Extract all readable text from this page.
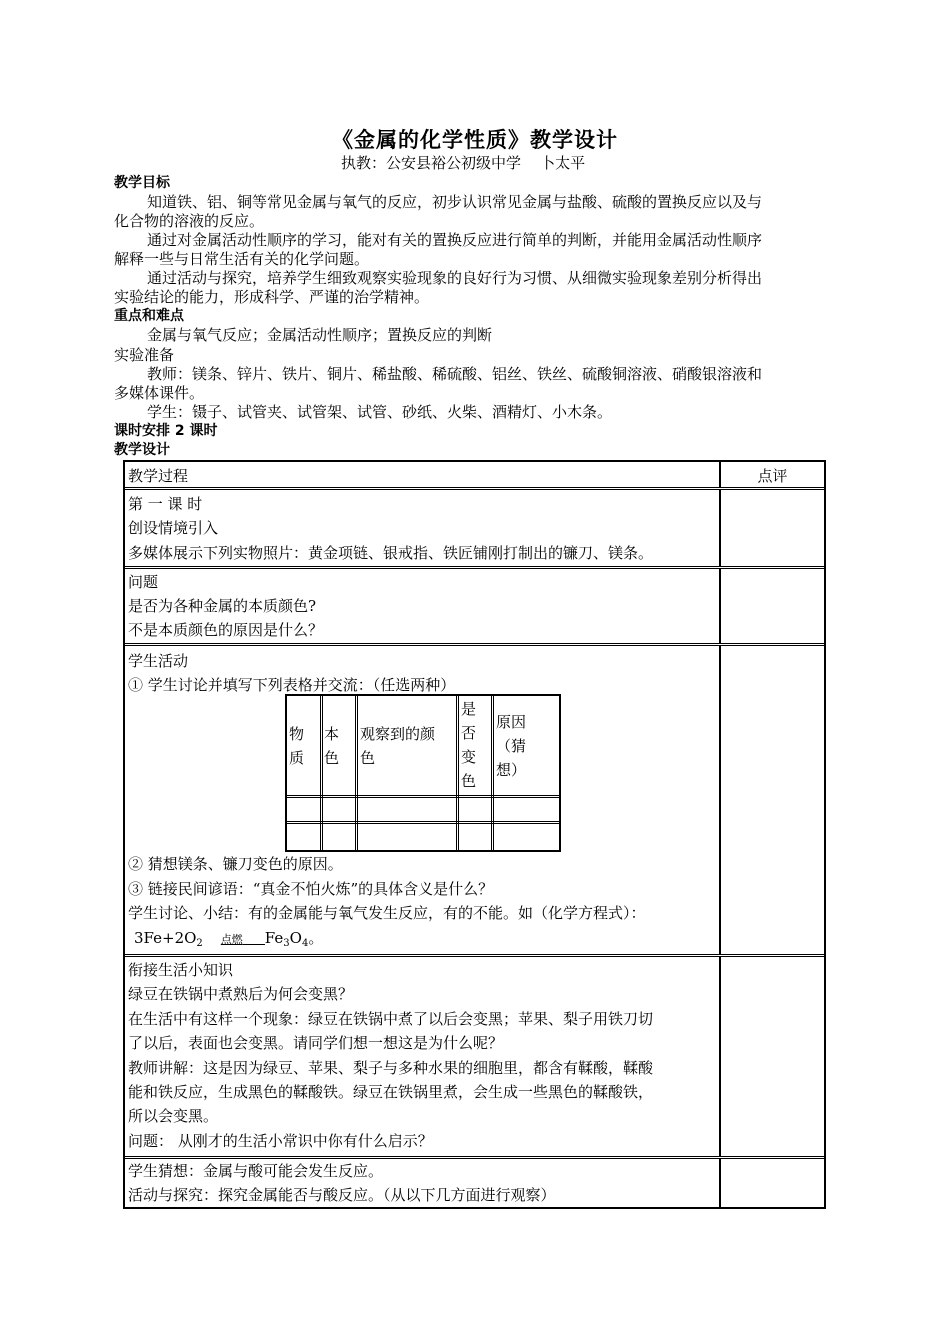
《金属的化学性质》教学设计
执教：公安县裕公初级中学    卜太平
教学目标
知道铁、铝、铜等常见金属与氧气的反应，初步认识常见金属与盐酸、硫酸的置换反应以及与
化合物的溶液的反应。
通过对金属活动性顺序的学习，能对有关的置换反应进行简单的判断，并能用金属活动性顺序
解释一些与日常生活有关的化学问题。
通过活动与探究，培养学生细致观察实验现象的良好行为习惯、从细微实验现象差别分析得出
实验结论的能力，形成科学、严谨的治学精神。
重点和难点
金属与氧气反应；金属活动性顺序；置换反应的判断
实验准备
教师：镁条、锌片、铁片、铜片、稀盐酸、稀硫酸、铝丝、铁丝、硫酸铜溶液、硝酸银溶液和
多媒体课件。
学生：镊子、试管夹、试管架、试管、砂纸、火柴、酒精灯、小木条。
课时安排 2 课时
教学设计
教学过程	点评
第 一 课 时
创设情境引入
多媒体展示下列实物照片：黄金项链、银戒指、铁匠铺刚打制出的镰刀、镁条。
问题
是否为各种金属的本质颜色?
不是本质颜色的原因是什么？
学生活动
① 学生讨论并填写下列表格并交流：（任选两种）
物
质
本
色
观察到的颜
色
是
否
变
色
原因
（猜
想）
② 猜想镁条、镰刀变色的原因。
③ 链接民间谚语：“真金不怕火炼”的具体含义是什么？
学生讨论、小结：有的金属能与氧气发生反应，有的不能。如（化学方程式）：
$3Fe+2O_2$ 点燃 $Fe_3O_4$。
衔接生活小知识
绿豆在铁锅中煮熟后为何会变黑？
在生活中有这样一个现象：绿豆在铁锅中煮了以后会变黑；苹果、梨子用铁刀切
了以后，表面也会变黑。请同学们想一想这是为什么呢？
教师讲解：这是因为绿豆、苹果、梨子与多种水果的细胞里，都含有鞣酸，鞣酸
能和铁反应，生成黑色的鞣酸铁。绿豆在铁锅里煮，会生成一些黑色的鞣酸铁，
所以会变黑。
问题： 从刚才的生活小常识中你有什么启示？
学生猜想：金属与酸可能会发生反应。
活动与探究：探究金属能否与酸反应。（从以下几方面进行观察）
